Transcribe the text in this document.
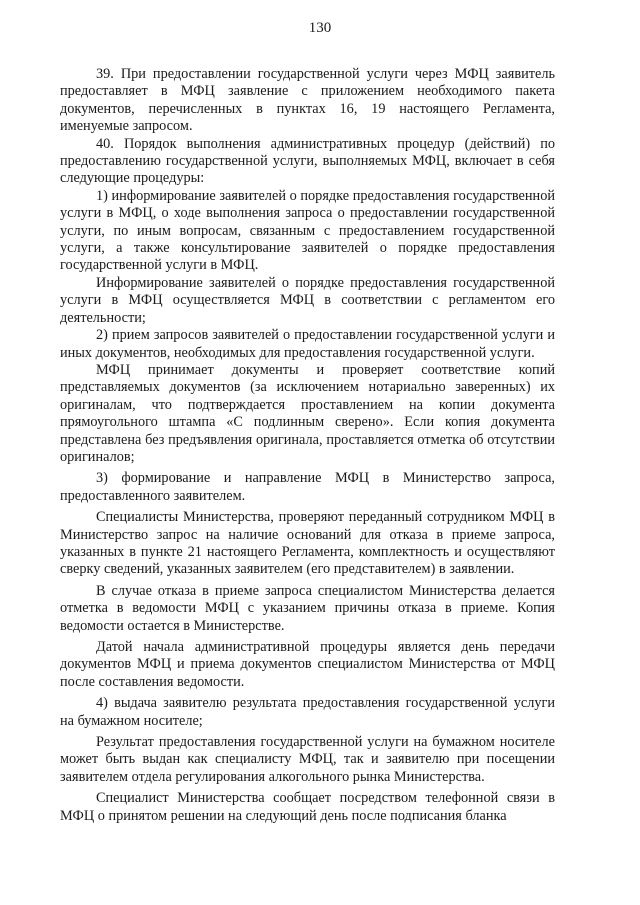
130

39. При предоставлении государственной услуги через МФЦ заявитель предоставляет в МФЦ заявление с приложением необходимого пакета документов, перечисленных в пунктах 16, 19 настоящего Регламента, именуемые запросом.

40. Порядок выполнения административных процедур (действий) по предоставлению государственной услуги, выполняемых МФЦ, включает в себя следующие процедуры:

1) информирование заявителей о порядке предоставления государственной услуги в МФЦ, о ходе выполнения запроса о предоставлении государственной услуги, по иным вопросам, связанным с предоставлением государственной услуги, а также консультирование заявителей о порядке предоставления государственной услуги в МФЦ.

Информирование заявителей о порядке предоставления государственной услуги в МФЦ осуществляется МФЦ в соответствии с регламентом его деятельности;

2) прием запросов заявителей о предоставлении государственной услуги и иных документов, необходимых для предоставления государственной услуги.

МФЦ принимает документы и проверяет соответствие копий представляемых документов (за исключением нотариально заверенных) их оригиналам, что подтверждается проставлением на копии документа прямоугольного штампа «С подлинным сверено». Если копия документа представлена без предъявления оригинала, проставляется отметка об отсутствии оригиналов;

3) формирование и направление МФЦ в Министерство запроса, предоставленного заявителем.

Специалисты Министерства, проверяют переданный сотрудником МФЦ в Министерство запрос на наличие оснований для отказа в приеме запроса, указанных в пункте 21 настоящего Регламента, комплектность и осуществляют сверку сведений, указанных заявителем (его представителем) в заявлении.

В случае отказа в приеме запроса специалистом Министерства делается отметка в ведомости МФЦ с указанием причины отказа в приеме. Копия ведомости остается в Министерстве.

Датой начала административной процедуры является день передачи документов МФЦ и приема документов специалистом Министерства от МФЦ после составления ведомости.

4) выдача заявителю результата предоставления государственной услуги на бумажном носителе;

Результат предоставления государственной услуги на бумажном носителе может быть выдан как специалисту МФЦ, так и заявителю при посещении заявителем отдела регулирования алкогольного рынка Министерства.

Специалист Министерства сообщает посредством телефонной связи в МФЦ о принятом решении на следующий день после подписания бланка
